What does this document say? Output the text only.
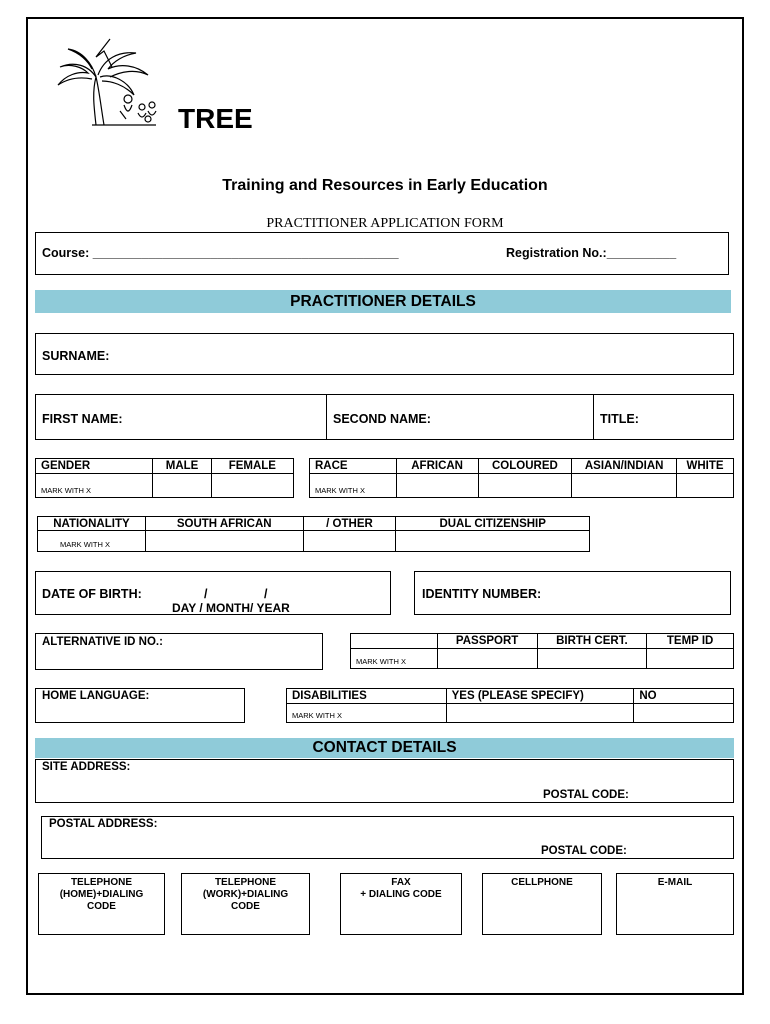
TREE
Training and Resources in Early Education
PRACTITIONER APPLICATION FORM
Course: ____________________________________________	Registration No.:__________
PRACTITIONER DETAILS
SURNAME:
FIRST NAME:	SECOND NAME:	TITLE:
GENDER	MALE	FEMALE
MARK WITH X		
RACE	AFRICAN	COLOURED	ASIAN/INDIAN	WHITE
MARK WITH X				
NATIONALITY	SOUTH AFRICAN	/ OTHER	DUAL CITIZENSHIP
MARK WITH X			
DATE OF BIRTH:	/	/
DAY / MONTH/ YEAR
IDENTITY NUMBER:
ALTERNATIVE ID NO.:
		PASSPORT	BIRTH CERT.	TEMP ID
MARK WITH X			
HOME LANGUAGE:	DISABILITIES	YES (PLEASE SPECIFY)	NO
MARK WITH X		
CONTACT DETAILS
SITE ADDRESS:
POSTAL CODE:
POSTAL ADDRESS:
POSTAL CODE:
TELEPHONE
(HOME)+DIALING
CODE
TELEPHONE
(WORK)+DIALING
CODE
FAX
+ DIALING CODE
CELLPHONE	E-MAIL
